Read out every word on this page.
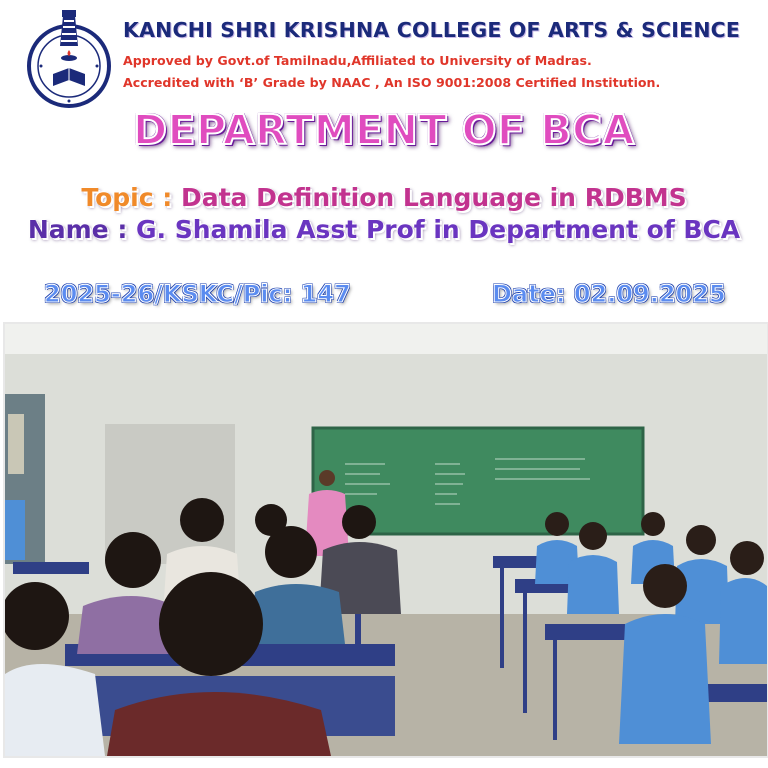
KANCHI SHRI KRISHNA COLLEGE OF ARTS & SCIENCE
Approved by Govt.of Tamilnadu,Affiliated to University of Madras.
Accredited with ‘B’ Grade by NAAC , An ISO 9001:2008 Certified Institution.
DEPARTMENT OF BCA
Topic : Data Definition Language in RDBMS
Name : G. Shamila Asst Prof in Department of BCA
2025-26/KSKC/Pic: 147	Date: 02.09.2025
